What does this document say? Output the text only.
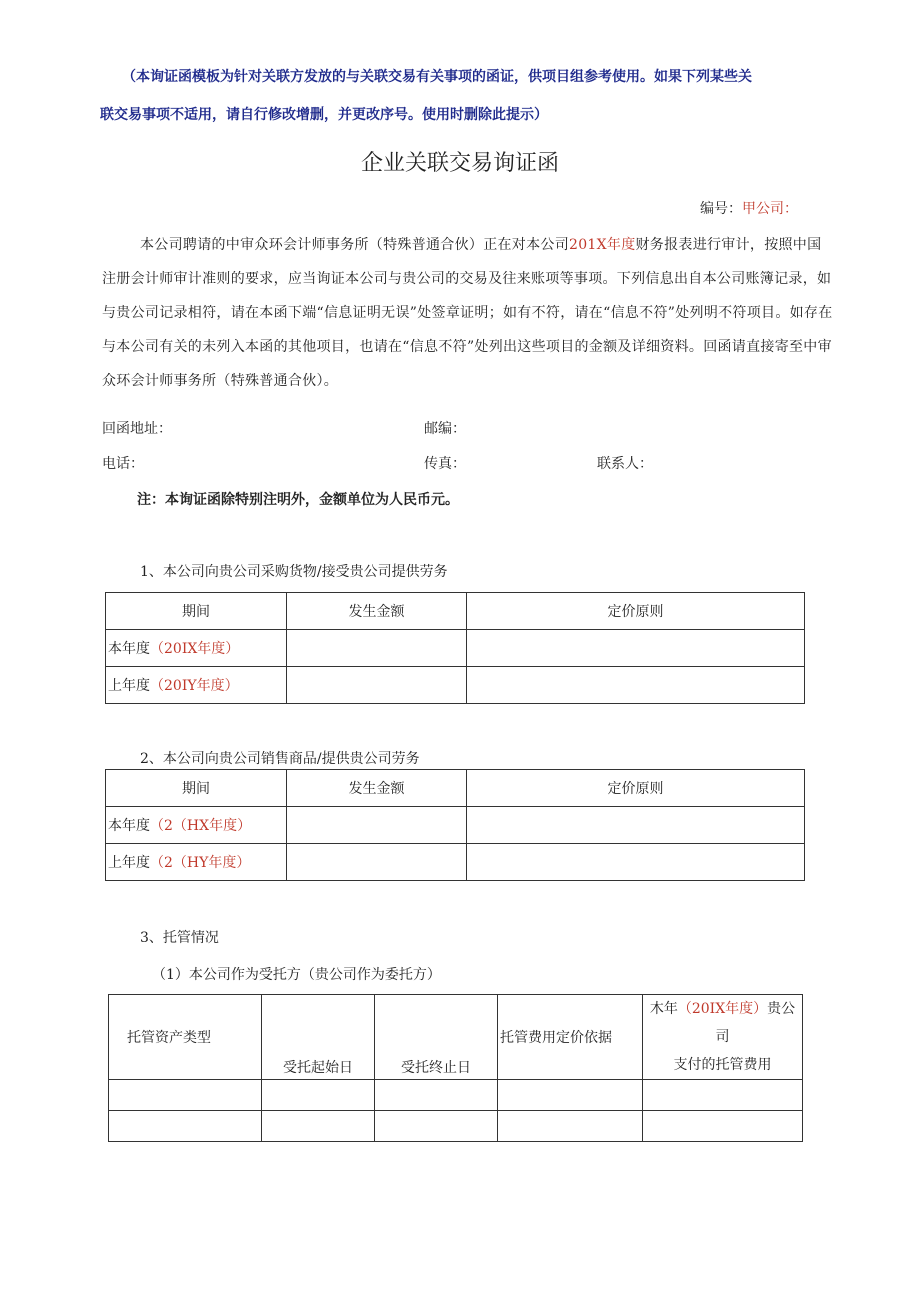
（本询证函模板为针对关联方发放的与关联交易有关事项的函证，供项目组参考使用。如果下列某些关
联交易事项不适用，请自行修改增删，并更改序号。使用时删除此提示）
企业关联交易询证函
编号：甲公司：
本公司聘请的中审众环会计师事务所（特殊普通合伙）正在对本公司201X年度财务报表进行审计，按照中国注册会计师审计准则的要求，应当询证本公司与贵公司的交易及往来账项等事项。下列信息出自本公司账簿记录，如与贵公司记录相符，请在本函下端“信息证明无误”处签章证明；如有不符，请在“信息不符”处列明不符项目。如存在与本公司有关的未列入本函的其他项目，也请在“信息不符”处列出这些项目的金额及详细资料。回函请直接寄至中审众环会计师事务所（特殊普通合伙）。
回函地址：	邮编：
电话：	传真：	联系人：
注：本询证函除特别注明外，金额单位为人民币元。
1、本公司向贵公司采购货物/接受贵公司提供劳务
期间	发生金额	定价原则
本年度（20IX年度）		
上年度（20IY年度）		
2、本公司向贵公司销售商品/提供贵公司劳务
期间	发生金额	定价原则
本年度（2（HX年度）		
上年度（2（HY年度）		
3、托管情况
（1）本公司作为受托方（贵公司作为委托方）
托管资产类型	受托起始日	受托终止日	托管费用定价依据	木年（20IX年度）贵公司
支付的托管费用
